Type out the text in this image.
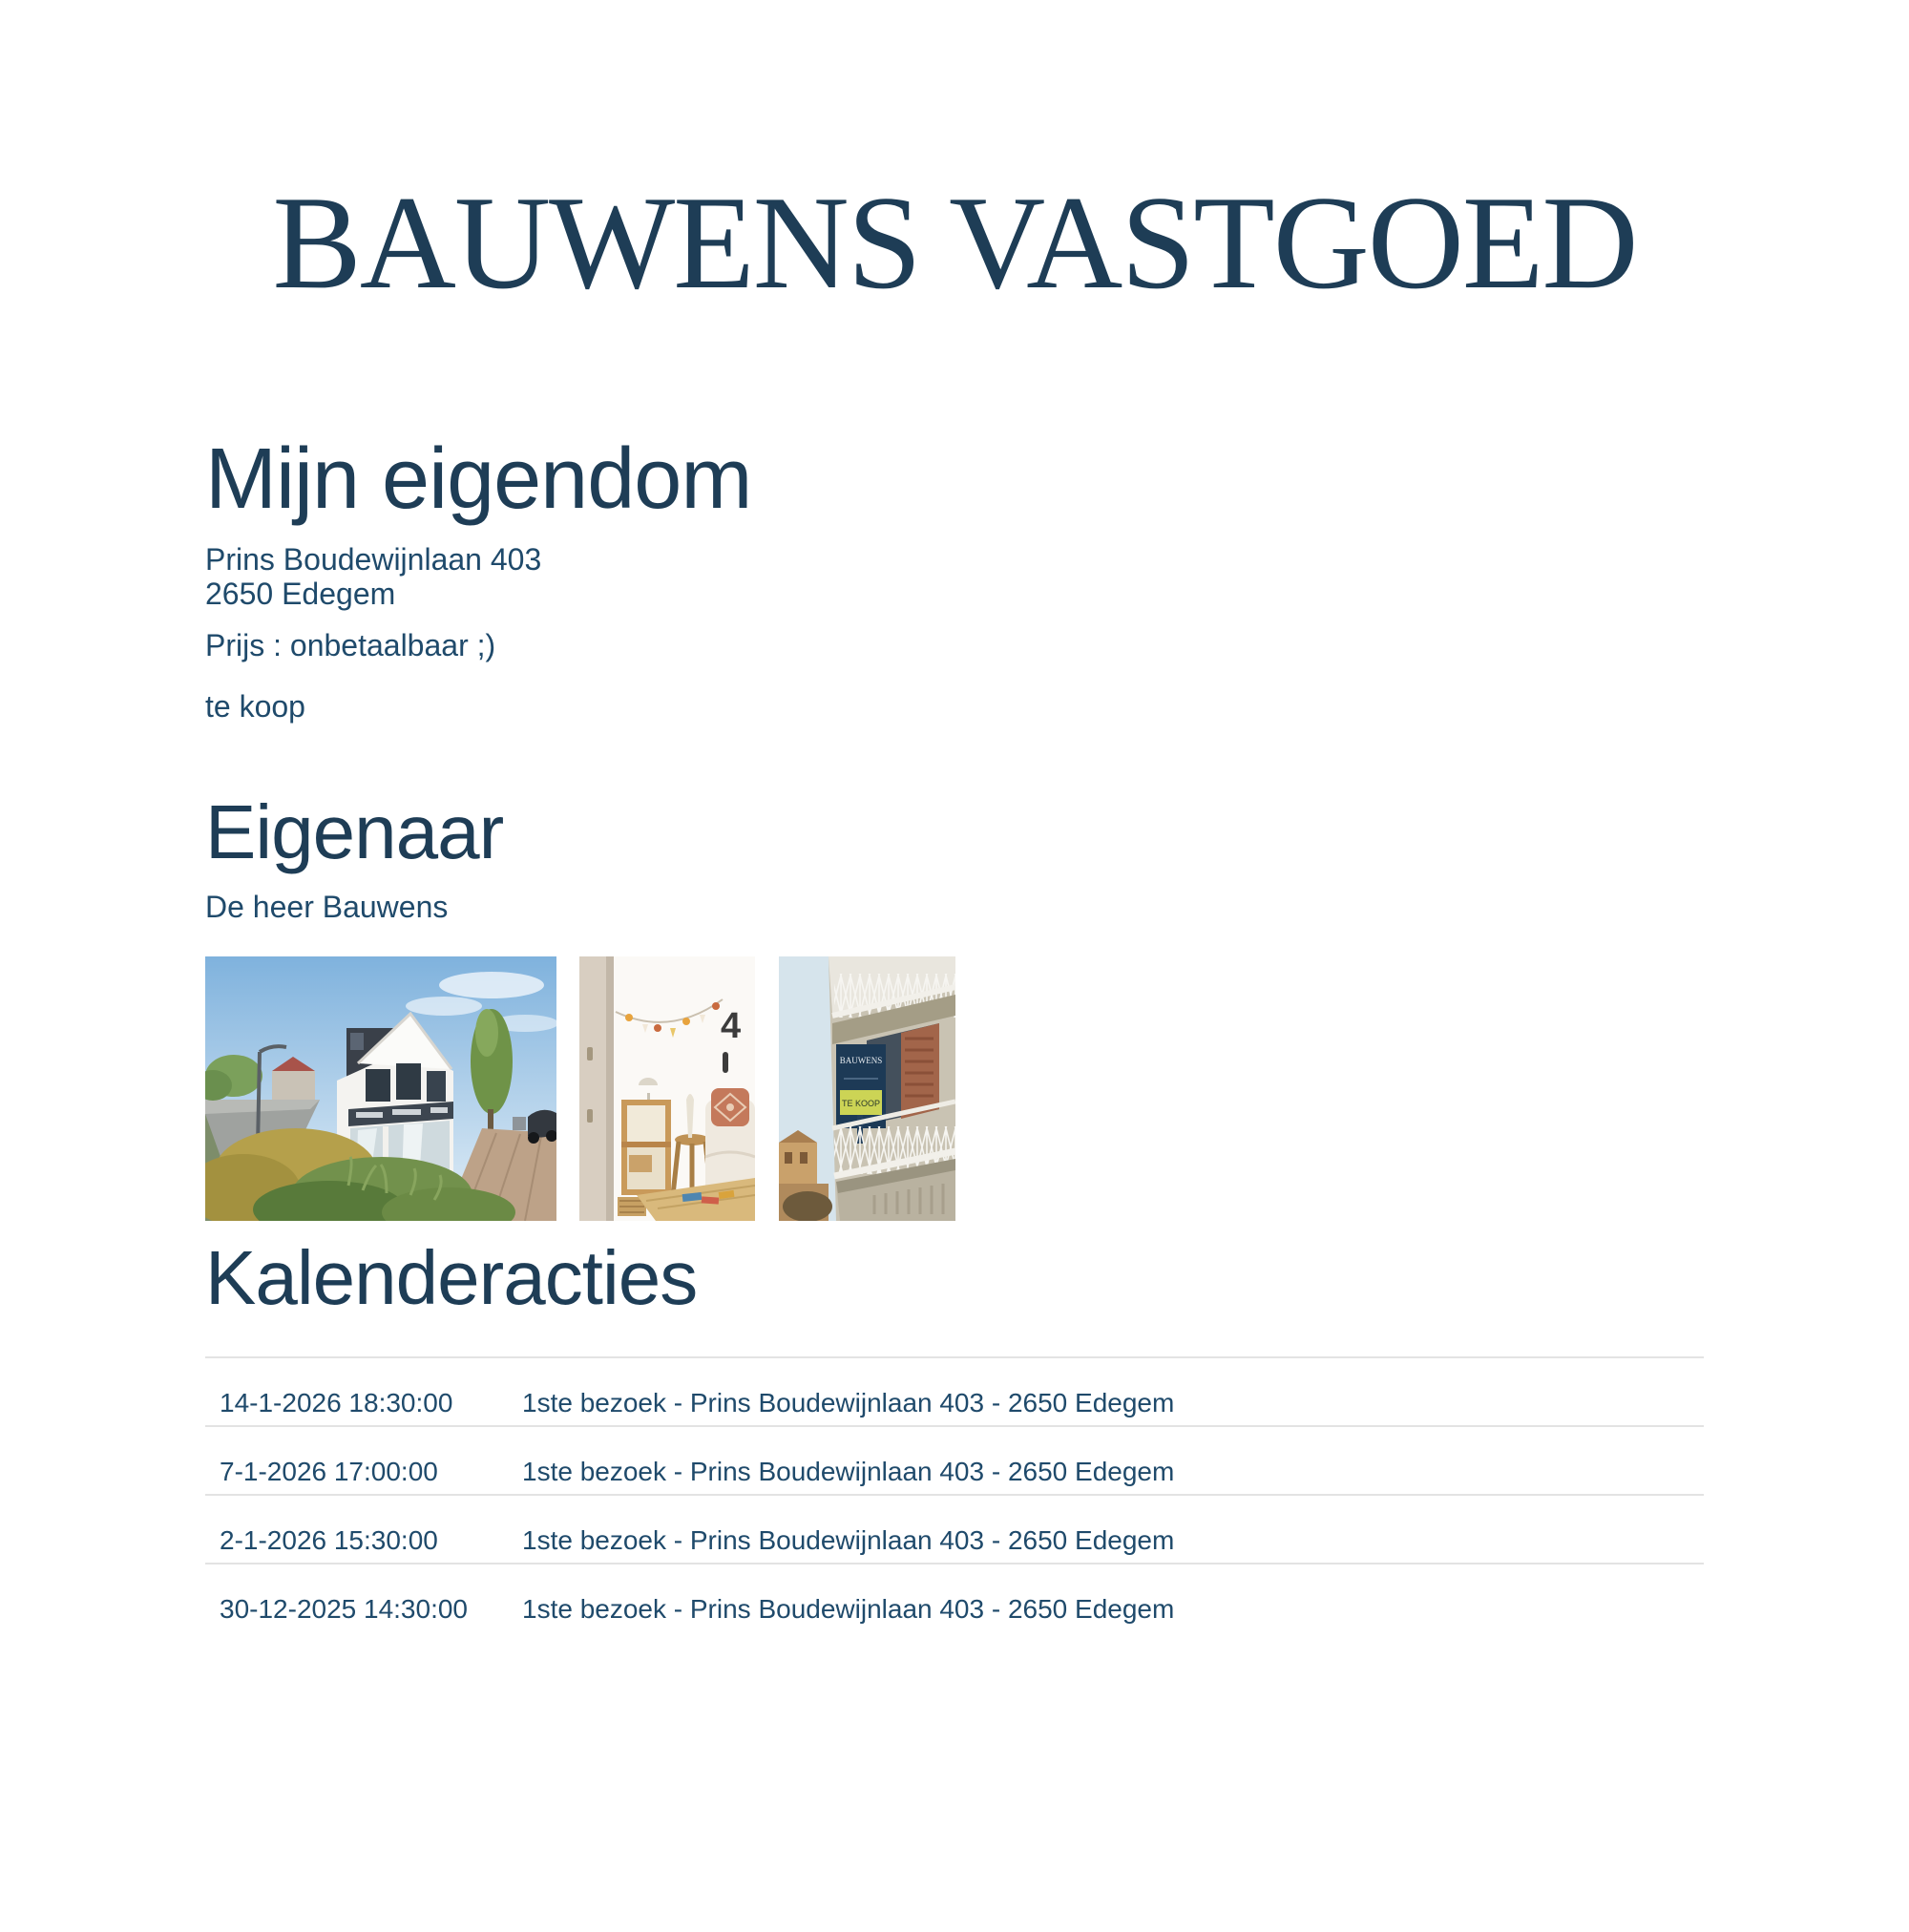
BAUWENS VASTGOED
Mijn eigendom

Prins Boudewijnlaan 403
2650 Edegem

Prijs : onbetaalbaar ;)

te koop

Eigenaar

De heer Bauwens

4
BAUWENS
TE KOOP
Kalenderacties
14-1-2026 18:30:00	1ste bezoek - Prins Boudewijnlaan 403 - 2650 Edegem
7-1-2026 17:00:00	1ste bezoek - Prins Boudewijnlaan 403 - 2650 Edegem
2-1-2026 15:30:00	1ste bezoek - Prins Boudewijnlaan 403 - 2650 Edegem
30-12-2025 14:30:00	1ste bezoek - Prins Boudewijnlaan 403 - 2650 Edegem
